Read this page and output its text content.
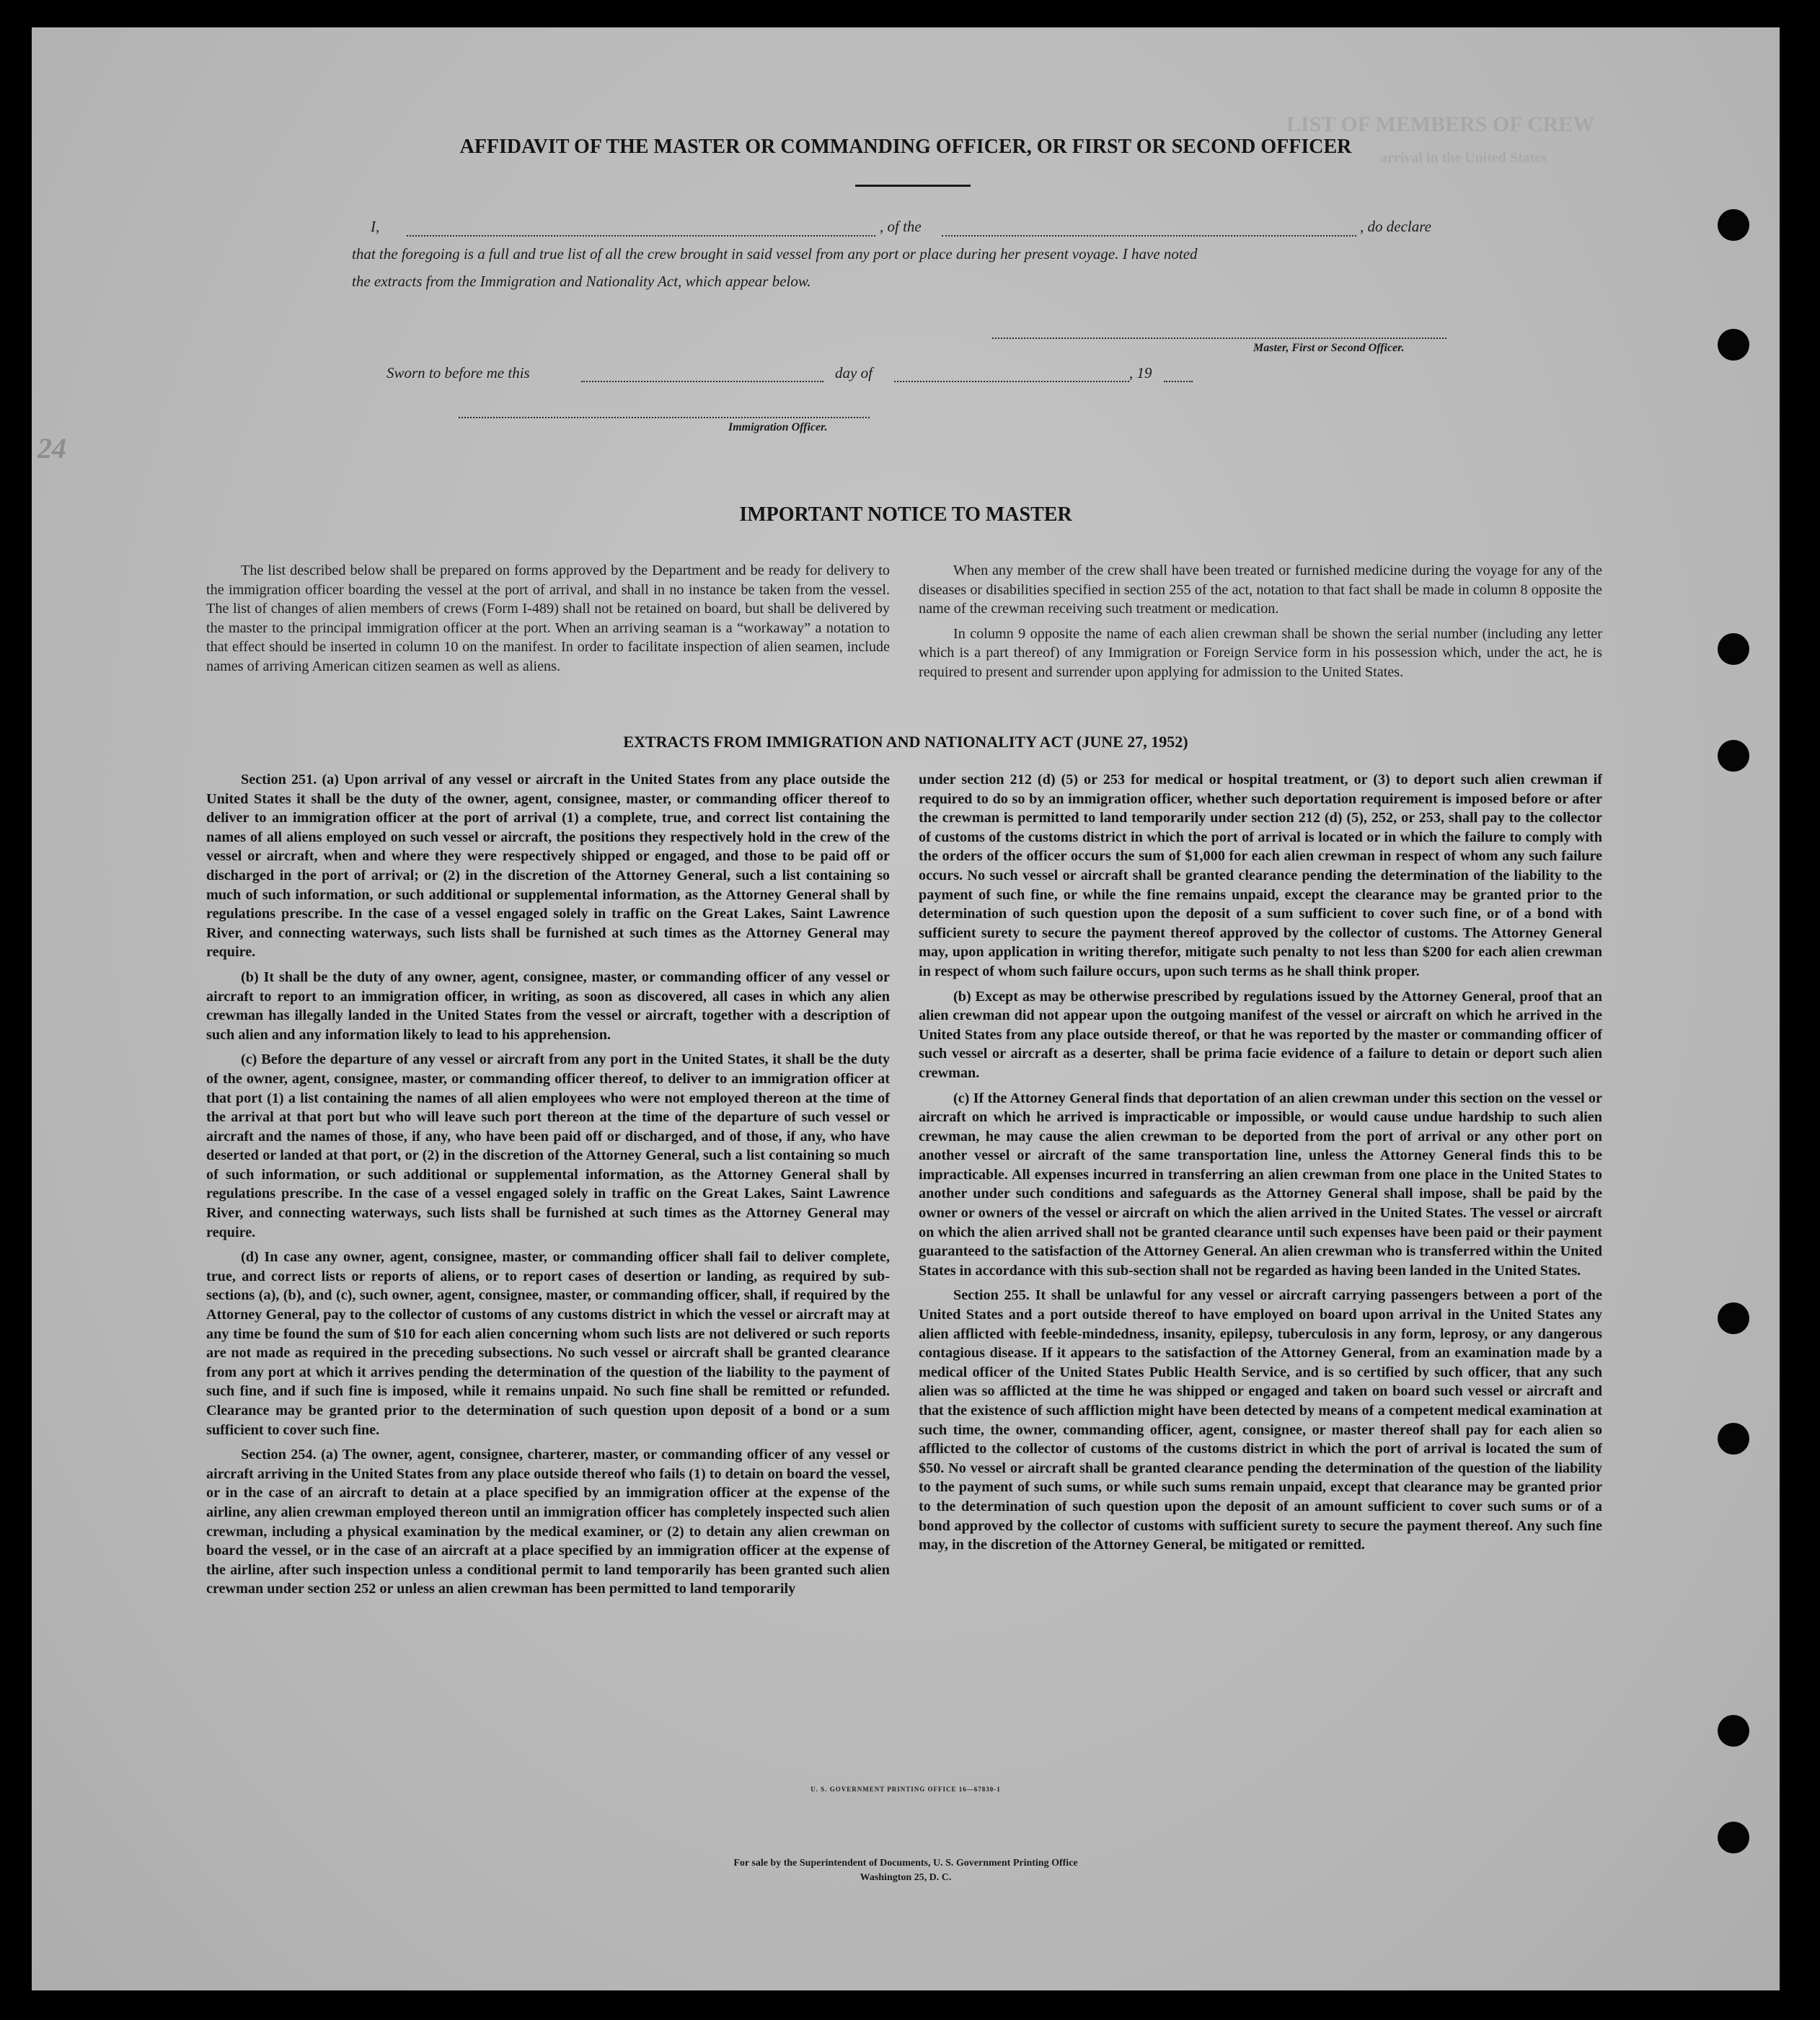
LIST OF MEMBERS OF CREW
arrival in the United States
24
AFFIDAVIT OF THE MASTER OR COMMANDING OFFICER, OR FIRST OR SECOND OFFICER
I,	, of the	, do declare
that the foregoing is a full and true list of all the crew brought in said vessel from any port or place during her present voyage. I have noted
the extracts from the Immigration and Nationality Act, which appear below.
Master, First or Second Officer.
Sworn to before me this	day of	, 19
Immigration Officer.
IMPORTANT NOTICE TO MASTER

The list described below shall be prepared on forms approved by the Department and be ready for delivery to the immigration officer boarding the vessel at the port of arrival, and shall in no instance be taken from the vessel. The list of changes of alien members of crews (Form I-489) shall not be retained on board, but shall be delivered by the master to the principal immigration officer at the port. When an arriving seaman is a “workaway” a notation to that effect should be inserted in column 10 on the manifest. In order to facilitate inspection of alien seamen, include names of arriving American citizen seamen as well as aliens.

When any member of the crew shall have been treated or furnished medicine during the voyage for any of the diseases or disabilities specified in section 255 of the act, notation to that fact shall be made in column 8 opposite the name of the crewman receiving such treatment or medication.

In column 9 opposite the name of each alien crewman shall be shown the serial number (including any letter which is a part thereof) of any Immigration or Foreign Service form in his possession which, under the act, he is required to present and surrender upon applying for admission to the United States.

EXTRACTS FROM IMMIGRATION AND NATIONALITY ACT (JUNE 27, 1952)

Section 251. (a) Upon arrival of any vessel or aircraft in the United States from any place outside the United States it shall be the duty of the owner, agent, consignee, master, or commanding officer thereof to deliver to an immigration officer at the port of arrival (1) a complete, true, and correct list containing the names of all aliens employed on such vessel or aircraft, the positions they respectively hold in the crew of the vessel or aircraft, when and where they were respectively shipped or engaged, and those to be paid off or discharged in the port of arrival; or (2) in the discretion of the Attorney General, such a list containing so much of such information, or such additional or supplemental information, as the Attorney General shall by regulations prescribe. In the case of a vessel engaged solely in traffic on the Great Lakes, Saint Lawrence River, and connecting waterways, such lists shall be furnished at such times as the Attorney General may require.

(b) It shall be the duty of any owner, agent, consignee, master, or commanding officer of any vessel or aircraft to report to an immigration officer, in writing, as soon as discovered, all cases in which any alien crewman has illegally landed in the United States from the vessel or aircraft, together with a description of such alien and any information likely to lead to his apprehension.

(c) Before the departure of any vessel or aircraft from any port in the United States, it shall be the duty of the owner, agent, consignee, master, or commanding officer thereof, to deliver to an immigration officer at that port (1) a list containing the names of all alien employees who were not employed thereon at the time of the arrival at that port but who will leave such port thereon at the time of the departure of such vessel or aircraft and the names of those, if any, who have been paid off or discharged, and of those, if any, who have deserted or landed at that port, or (2) in the discretion of the Attorney General, such a list containing so much of such information, or such additional or supplemental information, as the Attorney General shall by regulations prescribe. In the case of a vessel engaged solely in traffic on the Great Lakes, Saint Lawrence River, and connecting waterways, such lists shall be furnished at such times as the Attorney General may require.

(d) In case any owner, agent, consignee, master, or commanding officer shall fail to deliver complete, true, and correct lists or reports of aliens, or to report cases of desertion or landing, as required by sub-sections (a), (b), and (c), such owner, agent, consignee, master, or commanding officer, shall, if required by the Attorney General, pay to the collector of customs of any customs district in which the vessel or aircraft may at any time be found the sum of $10 for each alien concerning whom such lists are not delivered or such reports are not made as required in the preceding subsections. No such vessel or aircraft shall be granted clearance from any port at which it arrives pending the determination of the question of the liability to the payment of such fine, and if such fine is imposed, while it remains unpaid. No such fine shall be remitted or refunded. Clearance may be granted prior to the determination of such question upon deposit of a bond or a sum sufficient to cover such fine.

Section 254. (a) The owner, agent, consignee, charterer, master, or commanding officer of any vessel or aircraft arriving in the United States from any place outside thereof who fails (1) to detain on board the vessel, or in the case of an aircraft to detain at a place specified by an immigration officer at the expense of the airline, any alien crewman employed thereon until an immigration officer has completely inspected such alien crewman, including a physical examination by the medical examiner, or (2) to detain any alien crewman on board the vessel, or in the case of an aircraft at a place specified by an immigration officer at the expense of the airline, after such inspection unless a conditional permit to land temporarily has been granted such alien crewman under section 252 or unless an alien crewman has been permitted to land temporarily

under section 212 (d) (5) or 253 for medical or hospital treatment, or (3) to deport such alien crewman if required to do so by an immigration officer, whether such deportation requirement is imposed before or after the crewman is permitted to land temporarily under section 212 (d) (5), 252, or 253, shall pay to the collector of customs of the customs district in which the port of arrival is located or in which the failure to comply with the orders of the officer occurs the sum of $1,000 for each alien crewman in respect of whom any such failure occurs. No such vessel or aircraft shall be granted clearance pending the determination of the liability to the payment of such fine, or while the fine remains unpaid, except the clearance may be granted prior to the determination of such question upon the deposit of a sum sufficient to cover such fine, or of a bond with sufficient surety to secure the payment thereof approved by the collector of customs. The Attorney General may, upon application in writing therefor, mitigate such penalty to not less than $200 for each alien crewman in respect of whom such failure occurs, upon such terms as he shall think proper.

(b) Except as may be otherwise prescribed by regulations issued by the Attorney General, proof that an alien crewman did not appear upon the outgoing manifest of the vessel or aircraft on which he arrived in the United States from any place outside thereof, or that he was reported by the master or commanding officer of such vessel or aircraft as a deserter, shall be prima facie evidence of a failure to detain or deport such alien crewman.

(c) If the Attorney General finds that deportation of an alien crewman under this section on the vessel or aircraft on which he arrived is impracticable or impossible, or would cause undue hardship to such alien crewman, he may cause the alien crewman to be deported from the port of arrival or any other port on another vessel or aircraft of the same transportation line, unless the Attorney General finds this to be impracticable. All expenses incurred in transferring an alien crewman from one place in the United States to another under such conditions and safeguards as the Attorney General shall impose, shall be paid by the owner or owners of the vessel or aircraft on which the alien arrived in the United States. The vessel or aircraft on which the alien arrived shall not be granted clearance until such expenses have been paid or their payment guaranteed to the satisfaction of the Attorney General. An alien crewman who is transferred within the United States in accordance with this sub-section shall not be regarded as having been landed in the United States.

Section 255. It shall be unlawful for any vessel or aircraft carrying passengers between a port of the United States and a port outside thereof to have employed on board upon arrival in the United States any alien afflicted with feeble-mindedness, insanity, epilepsy, tuberculosis in any form, leprosy, or any dangerous contagious disease. If it appears to the satisfaction of the Attorney General, from an examination made by a medical officer of the United States Public Health Service, and is so certified by such officer, that any such alien was so afflicted at the time he was shipped or engaged and taken on board such vessel or aircraft and that the existence of such affliction might have been detected by means of a competent medical examination at such time, the owner, commanding officer, agent, consignee, or master thereof shall pay for each alien so afflicted to the collector of customs of the customs district in which the port of arrival is located the sum of $50. No vessel or aircraft shall be granted clearance pending the determination of the question of the liability to the payment of such sums, or while such sums remain unpaid, except that clearance may be granted prior to the determination of such question upon the deposit of an amount sufficient to cover such sums or of a bond approved by the collector of customs with sufficient surety to secure the payment thereof. Any such fine may, in the discretion of the Attorney General, be mitigated or remitted.

U. S. GOVERNMENT PRINTING OFFICE 16—67830-1
For sale by the Superintendent of Documents, U. S. Government Printing Office
Washington 25, D. C.
